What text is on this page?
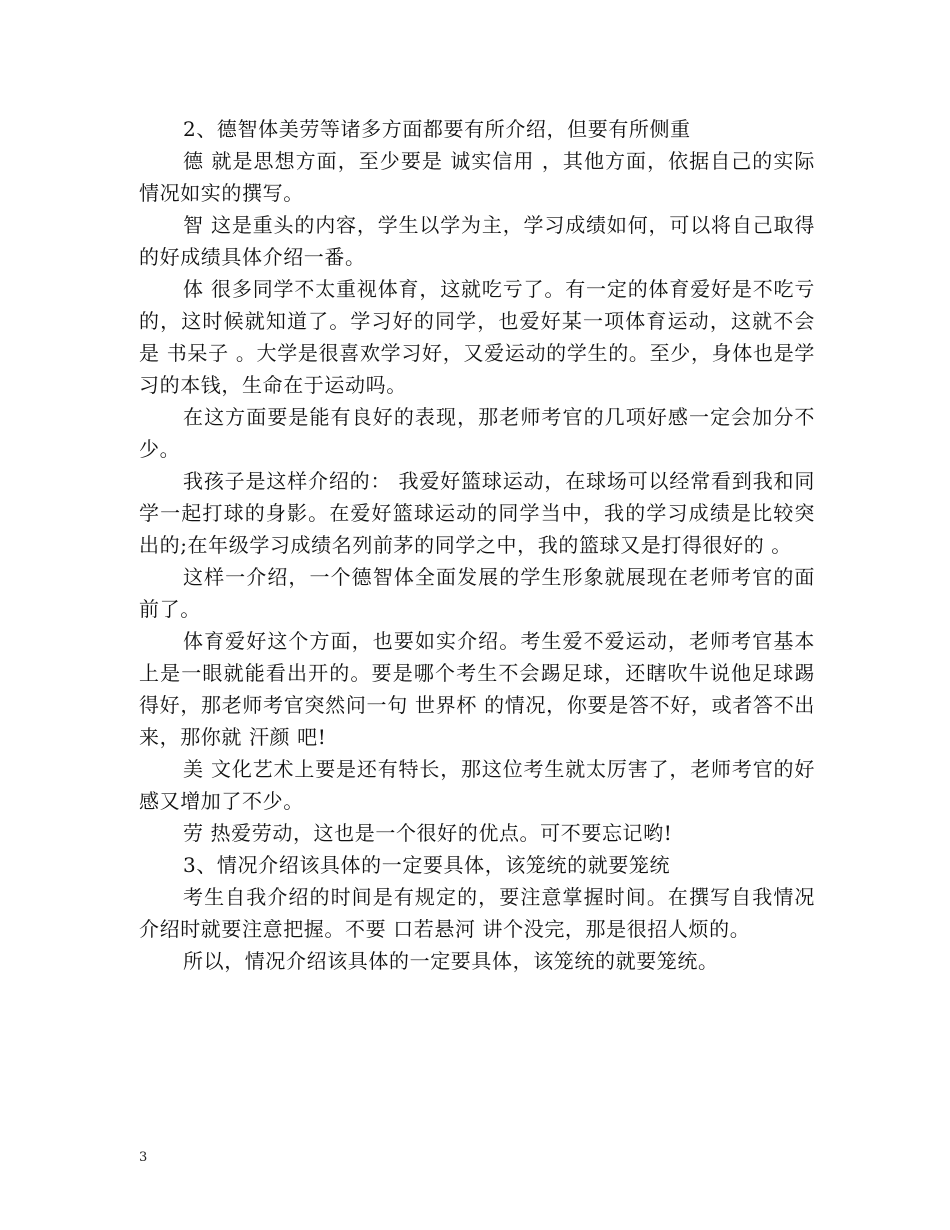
2、德智体美劳等诸多方面都要有所介绍，但要有所侧重

德 就是思想方面，至少要是 诚实信用 ，其他方面，依据自己的实际情况如实的撰写。

智 这是重头的内容，学生以学为主，学习成绩如何，可以将自己取得的好成绩具体介绍一番。

体 很多同学不太重视体育，这就吃亏了。有一定的体育爱好是不吃亏的，这时候就知道了。学习好的同学，也爱好某一项体育运动，这就不会是 书呆子 。大学是很喜欢学习好，又爱运动的学生的。至少，身体也是学习的本钱，生命在于运动吗。

在这方面要是能有良好的表现，那老师考官的几项好感一定会加分不少。

我孩子是这样介绍的： 我爱好篮球运动，在球场可以经常看到我和同学一起打球的身影。在爱好篮球运动的同学当中，我的学习成绩是比较突出的;在年级学习成绩名列前茅的同学之中，我的篮球又是打得很好的 。

这样一介绍，一个德智体全面发展的学生形象就展现在老师考官的面前了。

体育爱好这个方面，也要如实介绍。考生爱不爱运动，老师考官基本上是一眼就能看出开的。要是哪个考生不会踢足球，还瞎吹牛说他足球踢得好，那老师考官突然问一句 世界杯 的情况，你要是答不好，或者答不出来，那你就 汗颜 吧!

美 文化艺术上要是还有特长，那这位考生就太厉害了，老师考官的好感又增加了不少。

劳 热爱劳动，这也是一个很好的优点。可不要忘记哟!

3、情况介绍该具体的一定要具体，该笼统的就要笼统

考生自我介绍的时间是有规定的，要注意掌握时间。在撰写自我情况介绍时就要注意把握。不要 口若悬河 讲个没完，那是很招人烦的。

所以，情况介绍该具体的一定要具体，该笼统的就要笼统。

3
